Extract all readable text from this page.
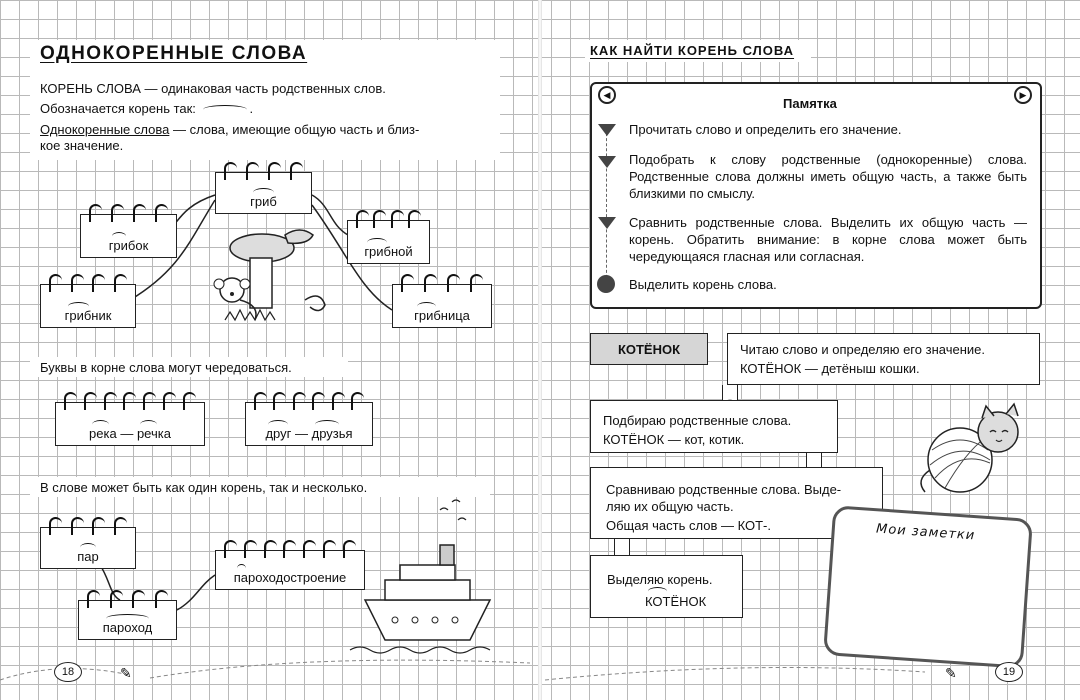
ОДНОКОРЕННЫЕ СЛОВА
КОРЕНЬ СЛОВА — одинаковая часть родственных слов.
Обозначается корень так:	.
Однокоренные слова — слова, имеющие общую часть и близ-
кое значение.
гриб
грибок	грибной
грибник	грибница
Буквы в корне слова могут чередоваться.
река
—
речка	друг
—
друзья
В слове может быть как один корень, так и несколько.
пар
пароход
пароходостроение
18	✎
КАК НАЙТИ КОРЕНЬ СЛОВА
◀	▶
Памятка
Прочитать слово и определить его значение.
Подобрать к слову родственные (однокоренные) слова. Родственные слова должны иметь общую часть, а также быть близкими по смыслу.
Сравнить родственные слова. Выделить их общую часть — корень. Обратить внимание: в корне слова может быть чередующаяся гласная или согласная.
Выделить корень слова.
КОТЁНОК	Читаю слово и определяю его значение.
КОТЁНОК — детёныш кошки.
Подбираю родственные слова.
КОТЁНОК — кот, котик.
Сравниваю родственные слова. Выде-
ляю их общую часть.
Общая часть слов — КОТ-.
Выделяю корень.
КОТЁНОК
Мои заметки
✎	19
